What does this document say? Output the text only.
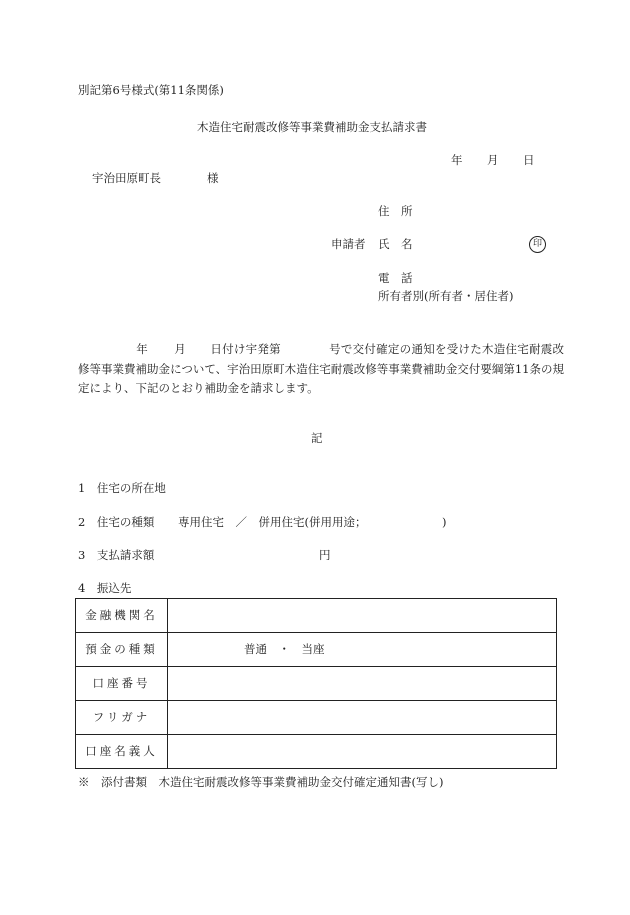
別記第6号様式(第11条関係)
木造住宅耐震改修等事業費補助金支払請求書
年 月 日
宇治田原町長	様
住　所
申請者 氏　名	印
電　話
所有者別(所有者・居住者)
年 月 日付け宇発第	号で交付確定の通知を受けた木造住宅耐震改修等事業費補助金について、宇治田原町木造住宅耐震改修等事業費補助金交付要綱第11条の規定により、下記のとおり補助金を請求します。
記
1　住宅の所在地
2　住宅の種類 専用住宅　／　併用住宅(併用用途；	)
3　支払請求額	円
4　振込先
金融機関名	
預金の種類	普通　・　当座
口座番号	
フリガナ	
口座名義人	
※　添付書類　木造住宅耐震改修等事業費補助金交付確定通知書(写し)
